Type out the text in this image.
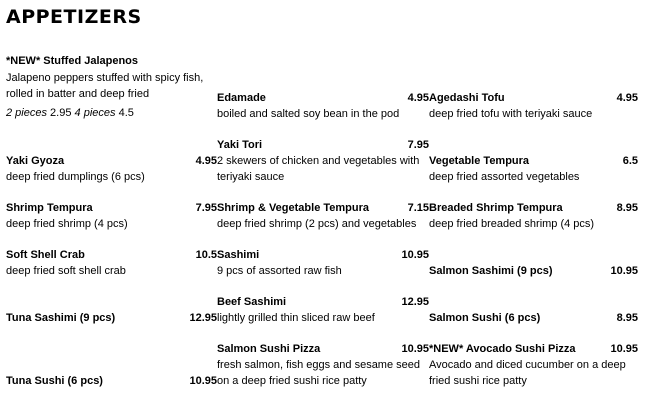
APPETIZERS
*NEW* Stuffed Jalapenos
Jalapeno peppers stuffed with spicy fish,
rolled in batter and deep fried
2 pieces 2.95 4 pieces 4.5
Edamade	4.95
boiled and salted soy bean in the pod
Agedashi Tofu	4.95
deep fried tofu with teriyaki sauce
Yaki Tori	7.95
2 skewers of chicken and vegetables with
teriyaki sauce
Yaki Gyoza	4.95
deep fried dumplings (6 pcs)
Vegetable Tempura	6.5
deep fried assorted vegetables
Shrimp Tempura	7.95
deep fried shrimp (4 pcs)
Shrimp & Vegetable Tempura	7.15
deep fried shrimp (2 pcs) and vegetables
Breaded Shrimp Tempura	8.95
deep fried breaded shrimp (4 pcs)
Soft Shell Crab	10.5
deep fried soft shell crab
Sashimi	10.95
9 pcs of assorted raw fish	Salmon Sashimi (9 pcs)	10.95
Beef Sashimi	12.95
lightly grilled thin sliced raw beef
Tuna Sashimi (9 pcs)	12.95	Salmon Sushi (6 pcs)	8.95
Salmon Sushi Pizza	10.95
fresh salmon, fish eggs and sesame seed
on a deep fried sushi rice patty
*NEW* Avocado Sushi Pizza	10.95
Avocado and diced cucumber on a deep
fried sushi rice patty
Tuna Sushi (6 pcs)	10.95
